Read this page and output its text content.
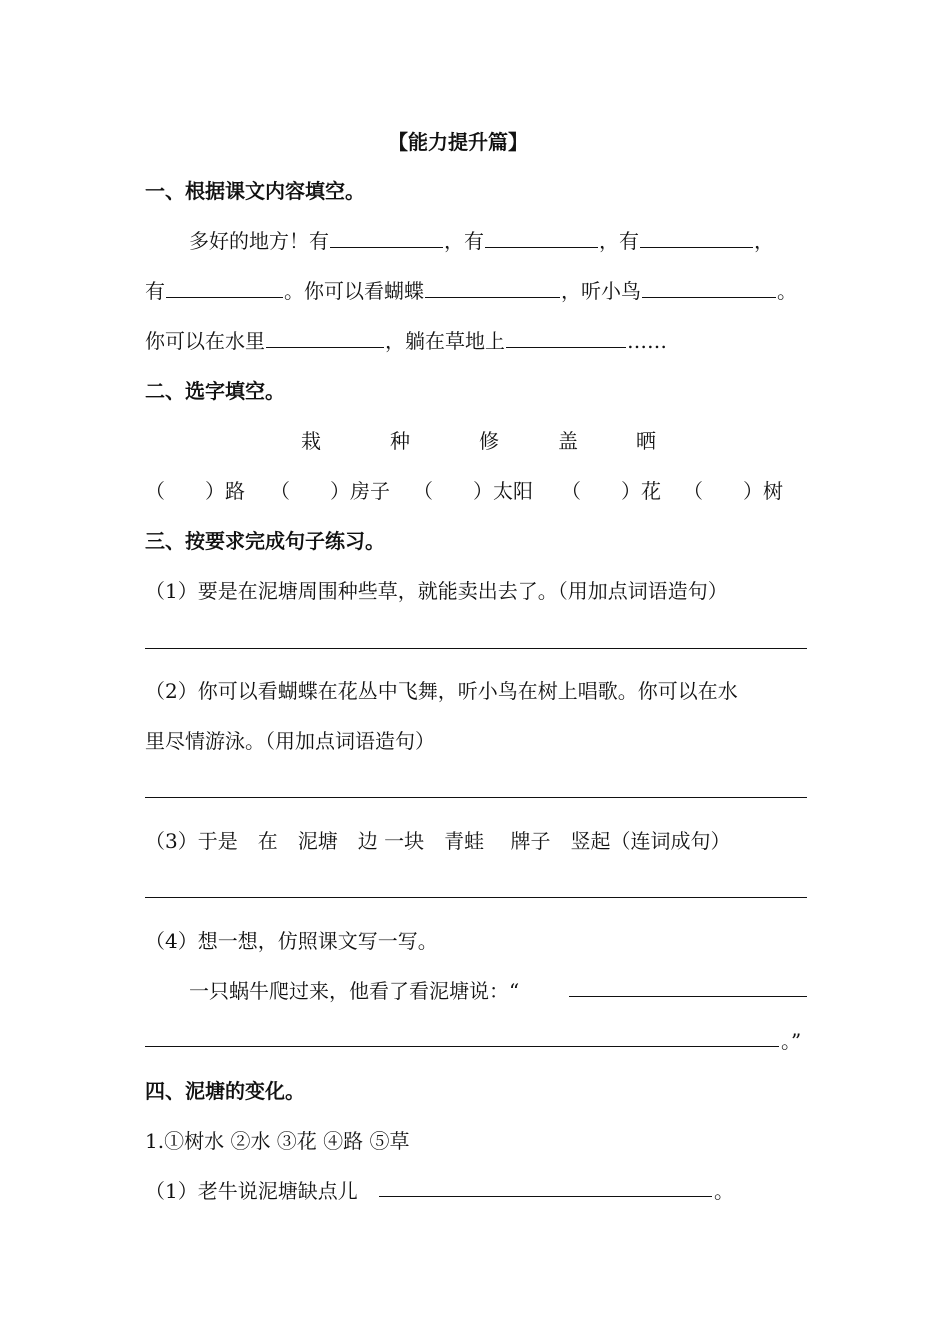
【能力提升篇】
一、根据课文内容填空。
多好的地方！有	，有	，有	，
有	。你可以看蝴蝶	，听小鸟	。
你可以在水里	，躺在草地上	……
二、选字填空。
栽	种	修	盖	晒
（　　）路 （　　）房子 （　　）太阳 （　　）花 （　　）树
三、按要求完成句子练习。
（1）要是在泥塘周围种些草，就能卖出去了。（用加点词语造句）
（2）你可以看蝴蝶在花丛中飞舞，听小鸟在树上唱歌。你可以在水
里尽情游泳。（用加点词语造句）
（3）于是　在　泥塘　边 一块　青蛙　 牌子　竖起（连词成句）
（4）想一想，仿照课文写一写。
一只蜗牛爬过来，他看了看泥塘说：“
。”
四、泥塘的变化。
1.①树水 ②水 ③花 ④路 ⑤草
（1）老牛说泥塘缺点儿	。
